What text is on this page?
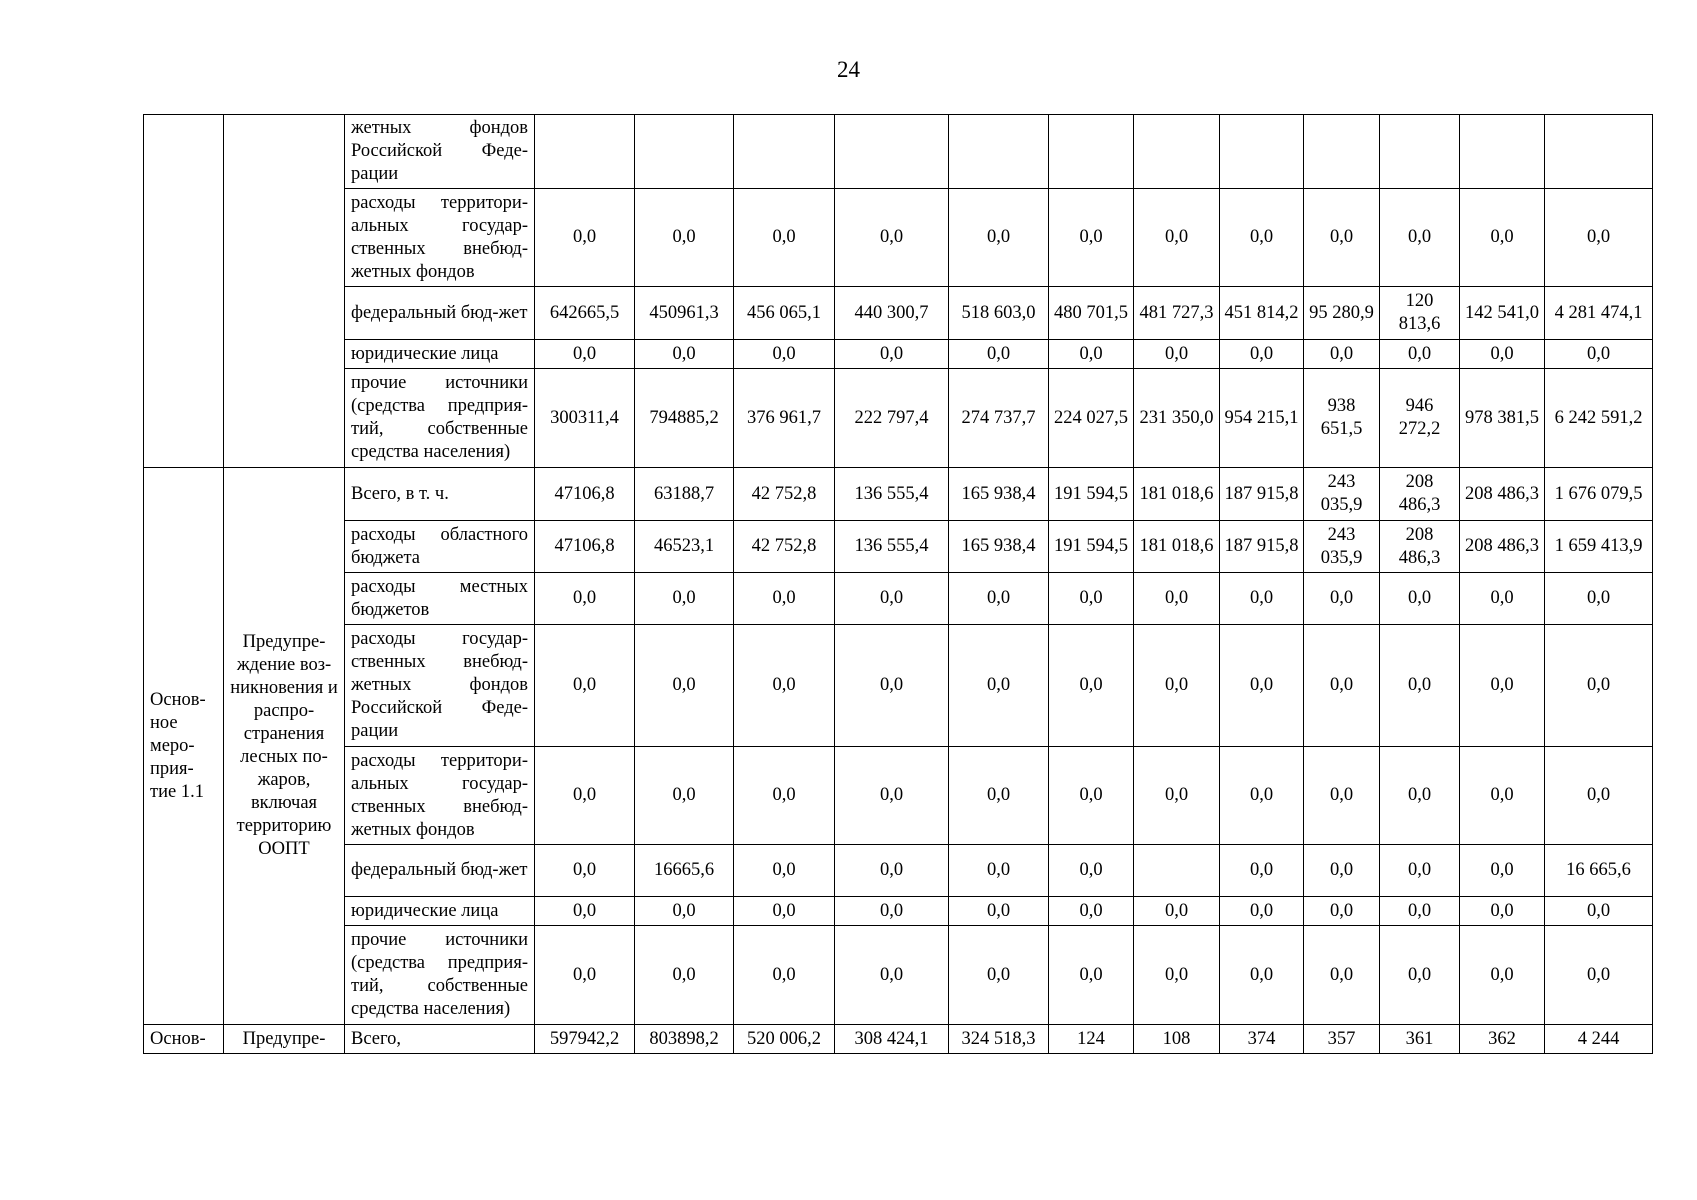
24
		жетных фондов Российской Феде-рации												
		расходы территори-альных государ-ственных внебюд-жетных фондов	0,0	0,0	0,0	0,0	0,0	0,0	0,0	0,0	0,0	0,0	0,0	0,0
		федеральный бюд-жет	642665,5	450961,3	456 065,1	440 300,7	518 603,0	480 701,5	481 727,3	451 814,2	95 280,9	120 813,6	142 541,0	4 281 474,1
		юридические лица	0,0	0,0	0,0	0,0	0,0	0,0	0,0	0,0	0,0	0,0	0,0	0,0
		прочие источники (средства предприя-тий, собственные средства населения)	300311,4	794885,2	376 961,7	222 797,4	274 737,7	224 027,5	231 350,0	954 215,1	938 651,5	946 272,2	978 381,5	6 242 591,2
Основ-ное меро-прия-тие 1.1	Предупре-ждение воз-никновения и распро-странения лесных по-жаров, включая территорию ООПТ	Всего, в т. ч.	47106,8	63188,7	42 752,8	136 555,4	165 938,4	191 594,5	181 018,6	187 915,8	243 035,9	208 486,3	208 486,3	1 676 079,5
		расходы областного бюджета	47106,8	46523,1	42 752,8	136 555,4	165 938,4	191 594,5	181 018,6	187 915,8	243 035,9	208 486,3	208 486,3	1 659 413,9
		расходы местных бюджетов	0,0	0,0	0,0	0,0	0,0	0,0	0,0	0,0	0,0	0,0	0,0	0,0
		расходы государ-ственных внебюд-жетных фондов Российской Феде-рации	0,0	0,0	0,0	0,0	0,0	0,0	0,0	0,0	0,0	0,0	0,0	0,0
		расходы территори-альных государ-ственных внебюд-жетных фондов	0,0	0,0	0,0	0,0	0,0	0,0	0,0	0,0	0,0	0,0	0,0	0,0
		федеральный бюд-жет	0,0	16665,6	0,0	0,0	0,0	0,0		0,0	0,0	0,0	0,0	16 665,6
		юридические лица	0,0	0,0	0,0	0,0	0,0	0,0	0,0	0,0	0,0	0,0	0,0	0,0
		прочие источники (средства предприя-тий, собственные средства населения)	0,0	0,0	0,0	0,0	0,0	0,0	0,0	0,0	0,0	0,0	0,0	0,0
Основ-	Предупре-	Всего,	597942,2	803898,2	520 006,2	308 424,1	324 518,3	124	108	374	357	361	362	4 244
